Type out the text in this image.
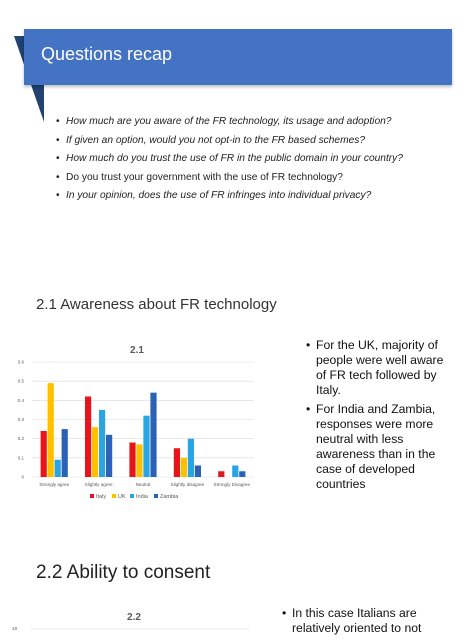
Questions recap
• How much are you aware of the FR technology, its usage and adoption?
• If given an option, would you not opt-in to the FR based schemes?
• How much do you trust the use of FR in the public domain in your country?
• Do you trust your government with the use of FR technology?
• In your opinion, does the use of FR infringes into individual privacy?
2.1 Awareness about FR technology
2.1
0
0.1
0.2
0.3
0.4
0.5
0.6
Strongly agree	Slightly agree	Neutral	Slightly disagree Strongly Disagree
Italy UK India Zambia
• For the UK, majority of people were well aware of FR tech followed by Italy.
• For India and Zambia, responses were more neutral with less awareness than in the case of developed countries
2.2 Ability to consent
2.2
18
• In this case Italians are relatively oriented to not
